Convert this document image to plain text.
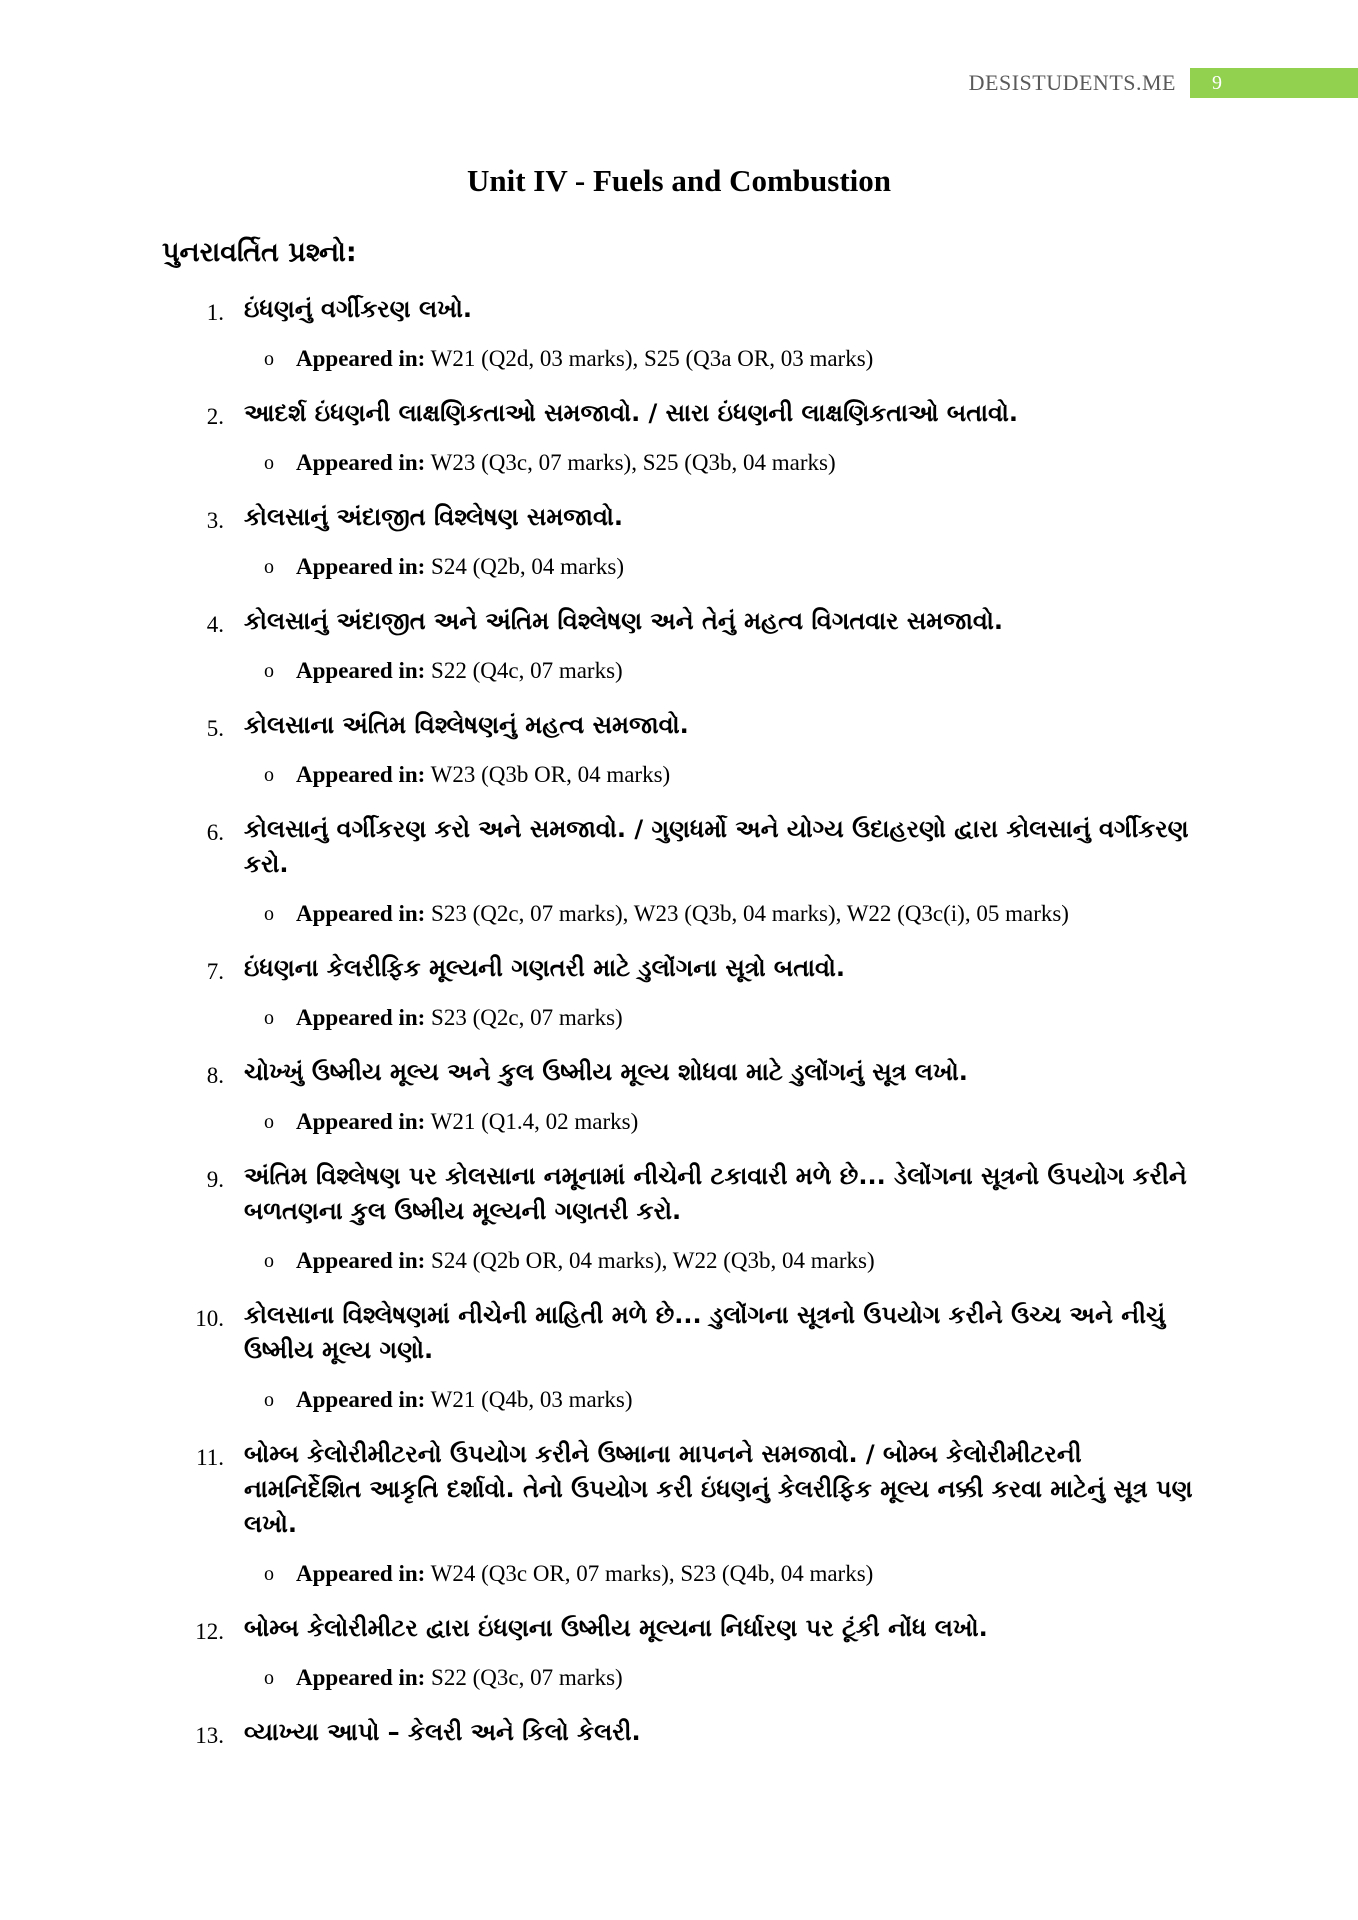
DESISTUDENTS.ME 9
Unit IV - Fuels and Combustion
પુનરાવર્તિત પ્રશ્નો:
1. ઇંધણનું વર્ગીકરણ લખો.
o Appeared in: W21 (Q2d, 03 marks), S25 (Q3a OR, 03 marks)
2. આદર્શ ઇંધણની લાક્ષણિકતાઓ સમજાવો. / સારા ઇંધણની લાક્ષણિકતાઓ બતાવો.
o Appeared in: W23 (Q3c, 07 marks), S25 (Q3b, 04 marks)
3. કોલસાનું અંદાજીત વિશ્લેષણ સમજાવો.
o Appeared in: S24 (Q2b, 04 marks)
4. કોલસાનું અંદાજીત અને અંતિમ વિશ્લેષણ અને તેનું મહત્વ વિગતવાર સમજાવો.
o Appeared in: S22 (Q4c, 07 marks)
5. કોલસાના અંતિમ વિશ્લેષણનું મહત્વ સમજાવો.
o Appeared in: W23 (Q3b OR, 04 marks)
6. કોલસાનું વર્ગીકરણ કરો અને સમજાવો. / ગુણધર્મો અને યોગ્ય ઉદાહરણો દ્વારા કોલસાનું વર્ગીકરણ કરો.
o Appeared in: S23 (Q2c, 07 marks), W23 (Q3b, 04 marks), W22 (Q3c(i), 05 marks)
7. ઇંધણના કેલરીફિક મૂલ્યની ગણતરી માટે ડુલોંગના સૂત્રો બતાવો.
o Appeared in: S23 (Q2c, 07 marks)
8. ચોખ્ખું ઉષ્મીય મૂલ્ય અને કુલ ઉષ્મીય મૂલ્ય શોધવા માટે ડુલોંગનું સૂત્ર લખો.
o Appeared in: W21 (Q1.4, 02 marks)
9. અંતિમ વિશ્લેષણ પર કોલસાના નમૂનામાં નીચેની ટકાવારી મળે છે... ડેલોંગના સૂત્રનો ઉપયોગ કરીને બળતણના કુલ ઉષ્મીય મૂલ્યની ગણતરી કરો.
o Appeared in: S24 (Q2b OR, 04 marks), W22 (Q3b, 04 marks)
10. કોલસાના વિશ્લેષણમાં નીચેની માહિતી મળે છે... ડુલોંગના સૂત્રનો ઉપયોગ કરીને ઉચ્ચ અને નીચું ઉષ્મીય મૂલ્ય ગણો.
o Appeared in: W21 (Q4b, 03 marks)
11. બોમ્બ કેલોરીમીટરનો ઉપયોગ કરીને ઉષ્માના માપનને સમજાવો. / બોમ્બ કેલોરીમીટરની નામનિર્દેશિત આકૃતિ દર્શાવો. તેનો ઉપયોગ કરી ઇંધણનું કેલરીફિક મૂલ્ય નક્કી કરવા માટેનું સૂત્ર પણ લખો.
o Appeared in: W24 (Q3c OR, 07 marks), S23 (Q4b, 04 marks)
12. બોમ્બ કેલોરીમીટર દ્વારા ઇંધણના ઉષ્મીય મૂલ્યના નિર્ધારણ પર ટૂંકી નોંધ લખો.
o Appeared in: S22 (Q3c, 07 marks)
13. વ્યાખ્યા આપો – કેલરી અને કિલો કેલરી.
